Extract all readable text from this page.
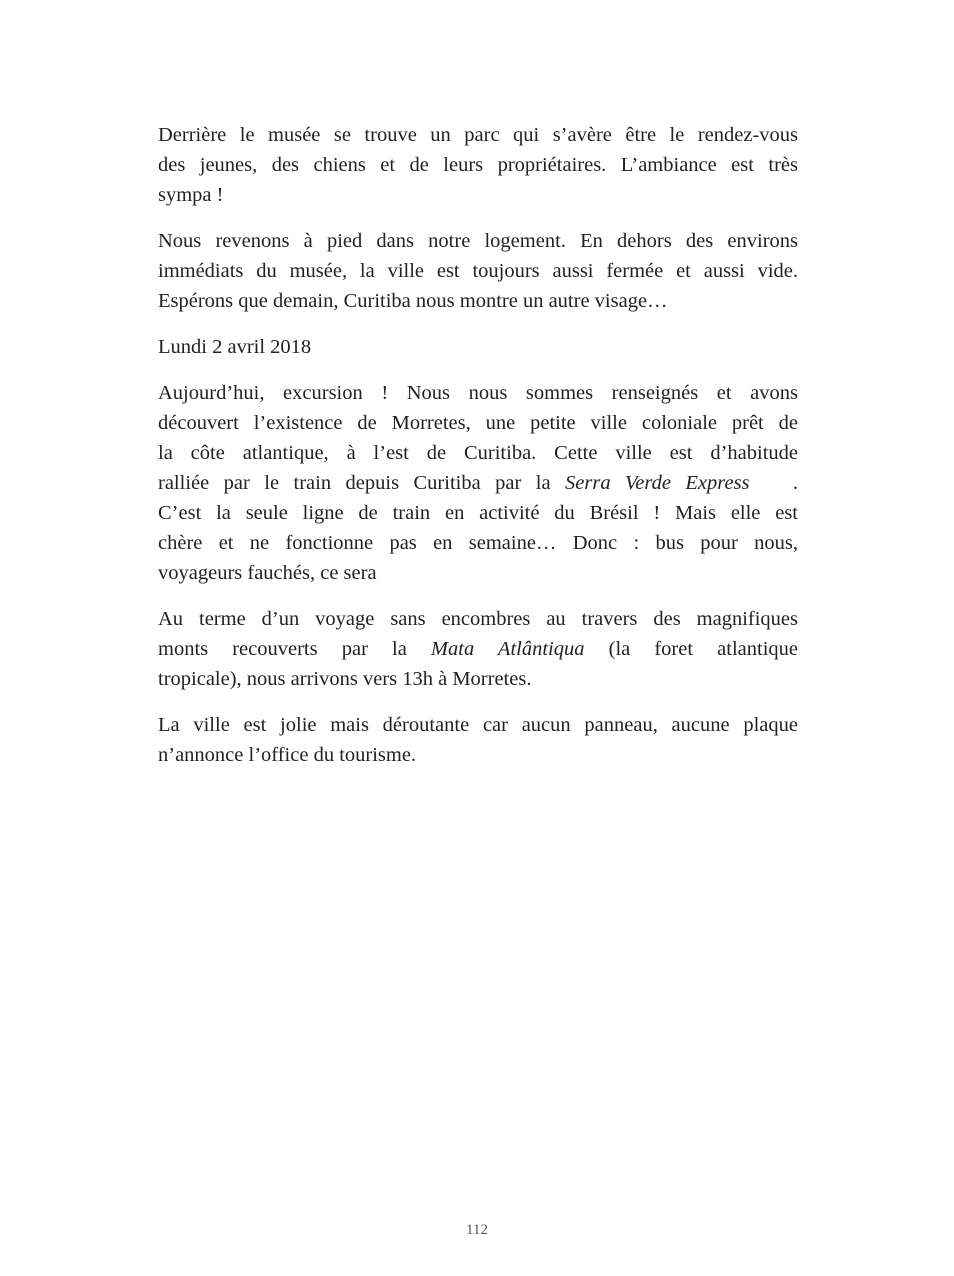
Derrière le musée se trouve un parc qui s’avère être le rendez-vous
des jeunes, des chiens et de leurs propriétaires. L’ambiance est très
sympa !

Nous revenons à pied dans notre logement. En dehors des environs
immédiats du musée, la ville est toujours aussi fermée et aussi vide.
Espérons que demain, Curitiba nous montre un autre visage…

Lundi 2 avril 2018

Aujourd’hui, excursion ! Nous nous sommes renseignés et avons
découvert l’existence de Morretes, une petite ville coloniale prêt de
la côte atlantique, à l’est de Curitiba. Cette ville est d’habitude
ralliée par le train depuis Curitiba par la Serra Verde Express   .
C’est la seule ligne de train en activité du Brésil ! Mais elle est
chère et ne fonctionne pas en semaine… Donc : bus pour nous,
voyageurs fauchés, ce sera

Au terme d’un voyage sans encombres au travers des magnifiques
monts recouverts par la Mata Atlântiqua (la foret atlantique
tropicale), nous arrivons vers 13h à Morretes.

La ville est jolie mais déroutante car aucun panneau, aucune plaque
n’annonce l’office du tourisme.

112
